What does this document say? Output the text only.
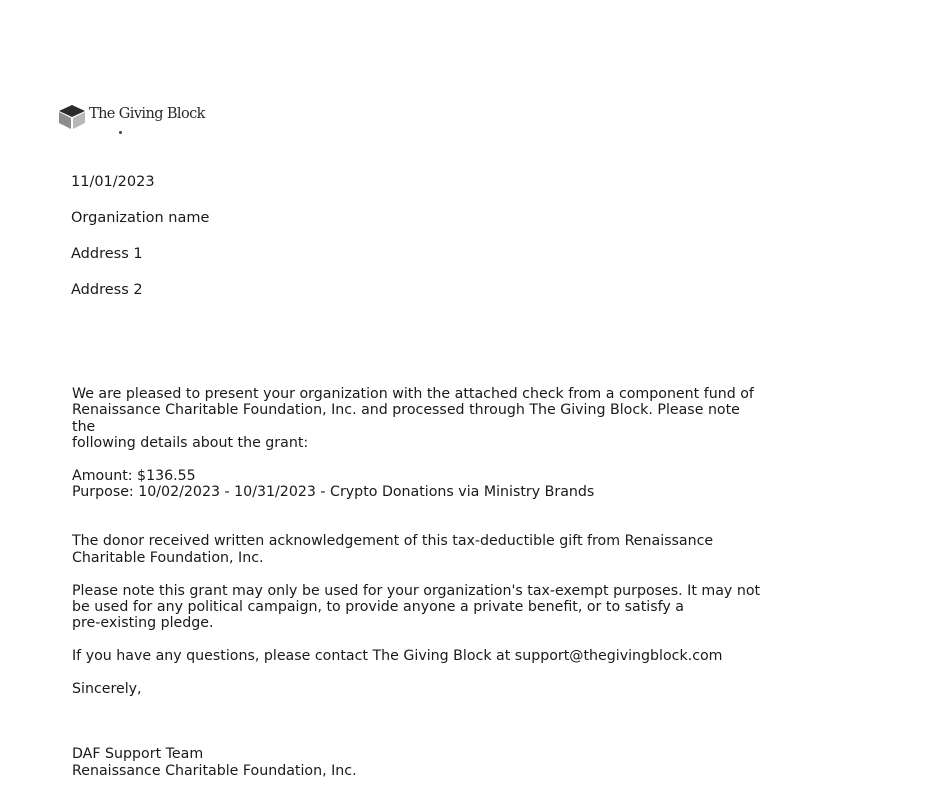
The Giving Block
11/01/2023
Organization name
Address 1
Address 2

We are pleased to present your organization with the attached check from a component fund of

Renaissance Charitable Foundation, Inc. and processed through The Giving Block. Please note the

following details about the grant:

Amount: $136.55

Purpose: 10/02/2023 - 10/31/2023 - Crypto Donations via Ministry Brands

The donor received written acknowledgement of this tax-deductible gift from Renaissance

Charitable Foundation, Inc.

Please note this grant may only be used for your organization's tax-exempt purposes. It may not

be used for any political campaign, to provide anyone a private benefit, or to satisfy a

pre-existing pledge.

If you have any questions, please contact The Giving Block at support@thegivingblock.com

Sincerely,

DAF Support Team

Renaissance Charitable Foundation, Inc.
